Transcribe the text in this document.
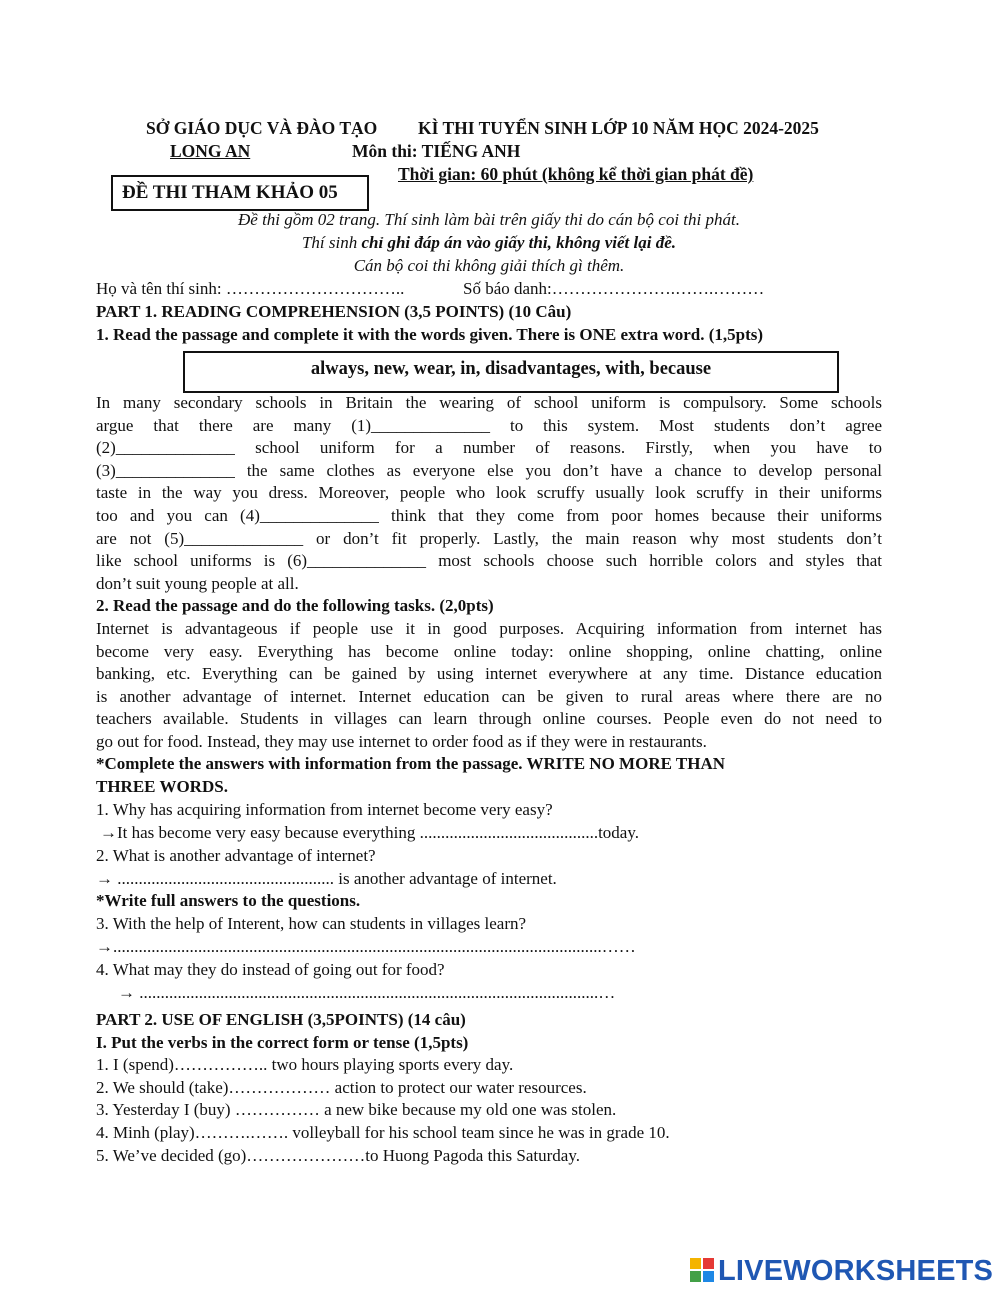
SỞ GIÁO DỤC VÀ ĐÀO TẠO KÌ THI TUYỂN SINH LỚP 10 NĂM HỌC 2024-2025
LONG AN	Môn thi: TIẾNG ANH
Thời gian: 60 phút (không kể thời gian phát đề)
ĐỀ THI THAM KHẢO 05
Đề thi gồm 02 trang. Thí sinh làm bài trên giấy thi do cán bộ coi thi phát.
Thí sinh chỉ ghi đáp án vào giấy thi, không viết lại đề.
Cán bộ coi thi không giải thích gì thêm.
Họ và tên thí sinh: …………………………..	Số báo danh:………………….…….………
PART 1. READING COMPREHENSION (3,5 POINTS) (10 Câu)
1. Read the passage and complete it with the words given. There is ONE extra word. (1,5pts)
always, new, wear, in, disadvantages, with, because
In many secondary schools in Britain the wearing of school uniform is compulsory. Some schools
argue that there are many (1)______________ to this system. Most students don’t agree
(2)______________ school uniform for a number of reasons. Firstly, when you have to
(3)______________ the same clothes as everyone else you don’t have a chance to develop personal
taste in the way you dress. Moreover, people who look scruffy usually look scruffy in their uniforms
too and you can (4)______________ think that they come from poor homes because their uniforms
are not (5)______________ or don’t fit properly. Lastly, the main reason why most students don’t
like school uniforms is (6)______________ most schools choose such horrible colors and styles that
don’t suit young people at all.
2. Read the passage and do the following tasks. (2,0pts)
Internet is advantageous if people use it in good purposes. Acquiring information from internet has
become very easy. Everything has become online today: online shopping, online chatting, online
banking, etc. Everything can be gained by using internet everywhere at any time. Distance education
is another advantage of internet. Internet education can be given to rural areas where there are no
teachers available. Students in villages can learn through online courses. People even do not need to
go out for food. Instead, they may use internet to order food as if they were in restaurants.
*Complete the answers with information from the passage. WRITE NO MORE THAN
THREE WORDS.
1. Why has acquiring information from internet become very easy?
→It has become very easy because everything ..........................................today.
2. What is another advantage of internet?
→ ................................................... is another advantage of internet.
*Write full answers to the questions.
3. With the help of Interent, how can students in villages learn?
→...................................................................................................................……
4. What may they do instead of going out for food?
→ ............................................................................................................…
PART 2. USE OF ENGLISH (3,5POINTS) (14 câu)
I. Put the verbs in the correct form or tense (1,5pts)
1. I (spend)…………….. two hours playing sports every day.
2. We should (take)……………… action to protect our water resources.
3. Yesterday I (buy) …………… a new bike because my old one was stolen.
4. Minh (play)……….……. volleyball for his school team since he was in grade 10.
5. We’ve decided (go)…………………to Huong Pagoda this Saturday.
LIVEWORKSHEETS
